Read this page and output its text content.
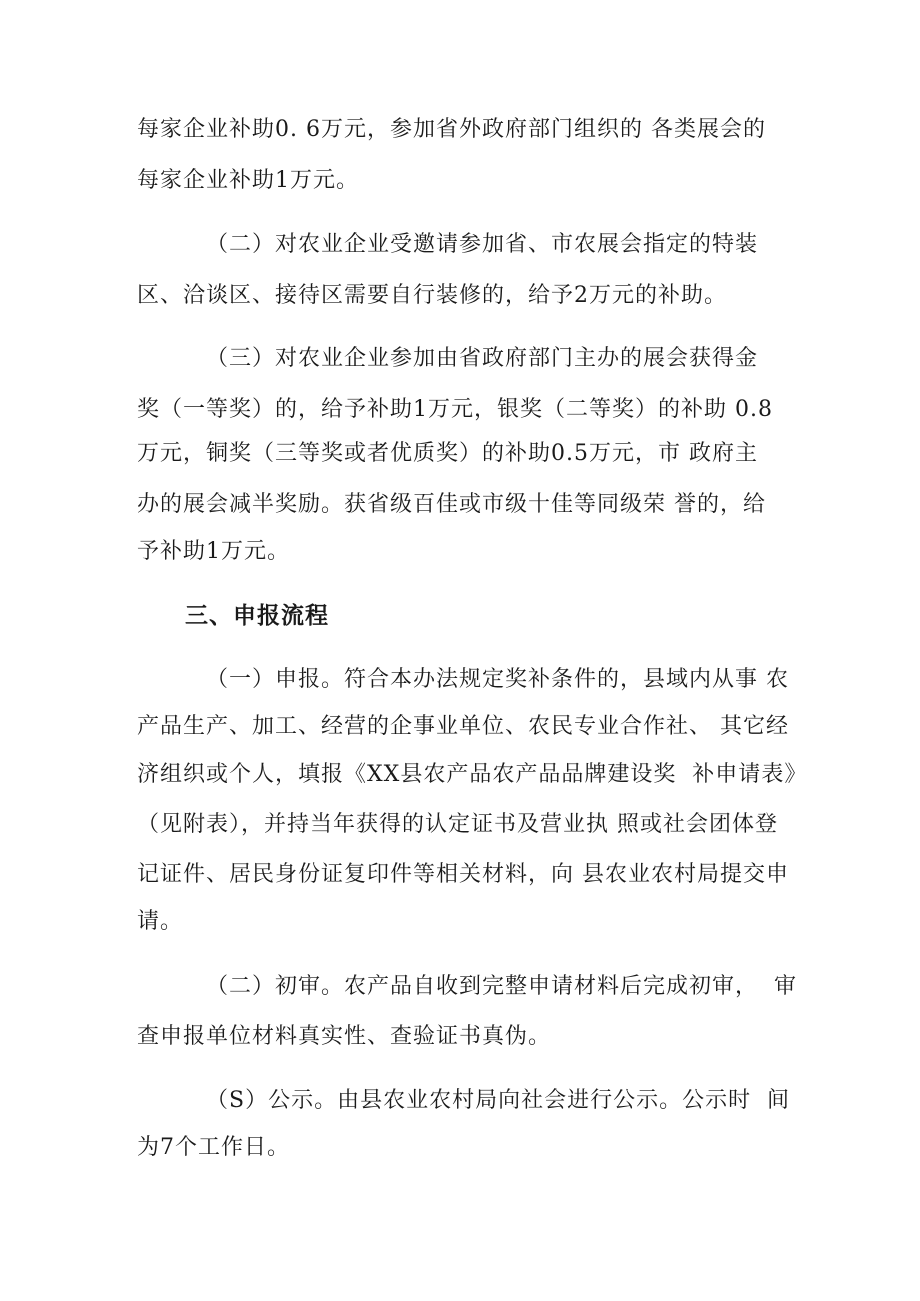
每家企业补助0. 6万元，参加省外政府部门组织的 各类展会的
每家企业补助1万元。
（二）对农业企业受邀请参加省、市农展会指定的特装
区、洽谈区、接待区需要自行装修的，给予2万元的补助。
（三）对农业企业参加由省政府部门主办的展会获得金
奖（一等奖）的，给予补助1万元，银奖（二等奖）的补助 0.8
万元，铜奖（三等奖或者优质奖）的补助0.5万元，市 政府主
办的展会减半奖励。获省级百佳或市级十佳等同级荣 誉的，给
予补助1万元。
三、申报流程
（一）申报。符合本办法规定奖补条件的，县域内从事 农
产品生产、加工、经营的企事业单位、农民专业合作社、 其它经
济组织或个人，填报《XX县农产品农产品品牌建设奖  补申请表》
（见附表），并持当年获得的认定证书及营业执 照或社会团体登
记证件、居民身份证复印件等相关材料，向 县农业农村局提交申
请。
（二）初审。农产品自收到完整申请材料后完成初审，  审
查申报单位材料真实性、查验证书真伪。
（S）公示。由县农业农村局向社会进行公示。公示时  间
为7个工作日。
